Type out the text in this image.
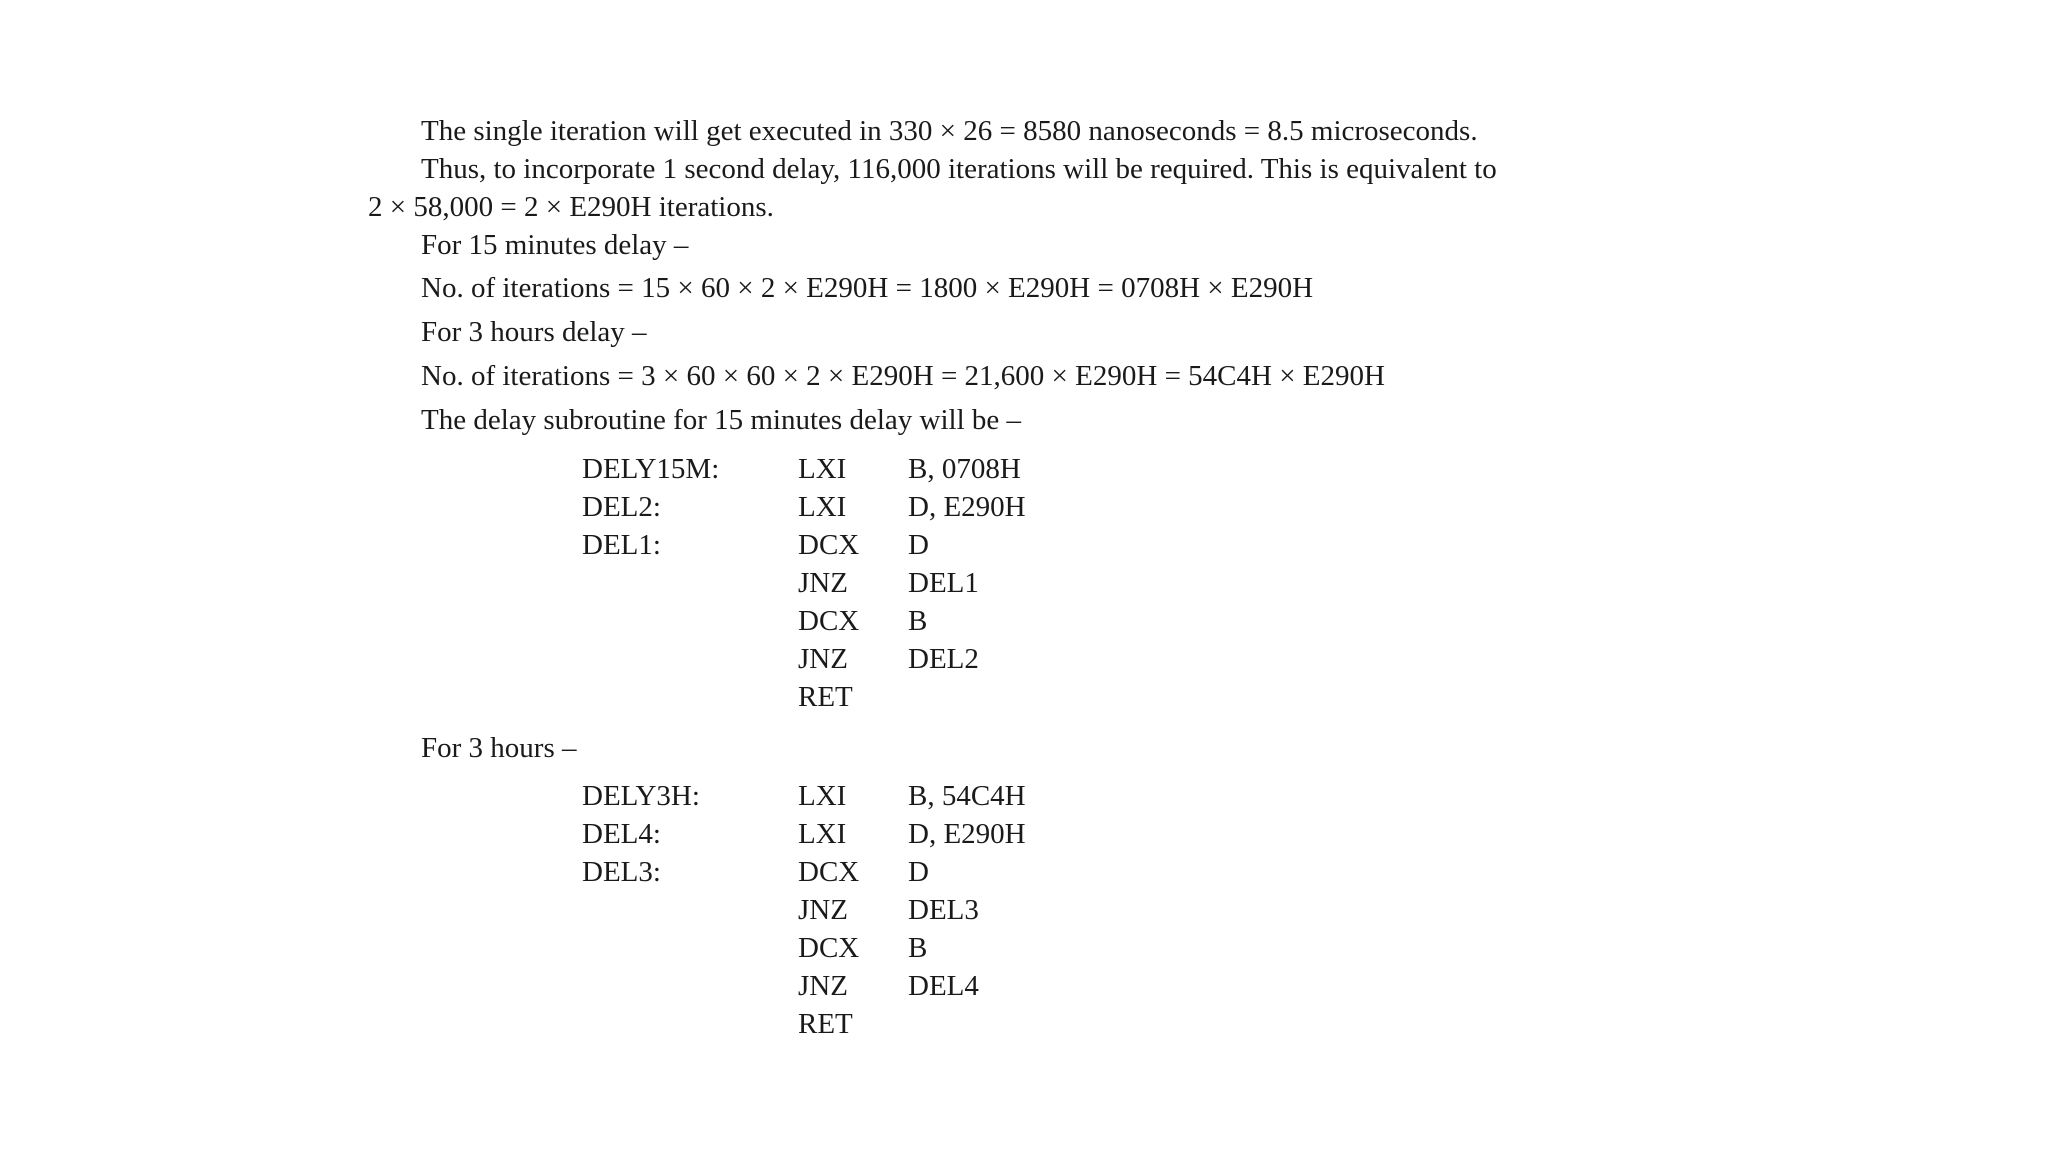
The single iteration will get executed in 330 × 26 = 8580 nanoseconds = 8.5 microseconds.
Thus, to incorporate 1 second delay, 116,000 iterations will be required. This is equivalent to
2 × 58,000 = 2 × E290H iterations.
For 15 minutes delay –
No. of iterations = 15 × 60 × 2 × E290H = 1800 × E290H = 0708H × E290H
For 3 hours delay –
No. of iterations = 3 × 60 × 60 × 2 × E290H = 21,600 × E290H = 54C4H × E290H
The delay subroutine for 15 minutes delay will be –
DELY15M:	LXI B, 0708H
DEL2:	LXI D, E290H
DEL1:	DCX D
JNZ DEL1
DCX B
JNZ DEL2
RET
For 3 hours –
DELY3H:	LXI B, 54C4H
DEL4:	LXI D, E290H
DEL3:	DCX D
JNZ DEL3
DCX B
JNZ DEL4
RET
